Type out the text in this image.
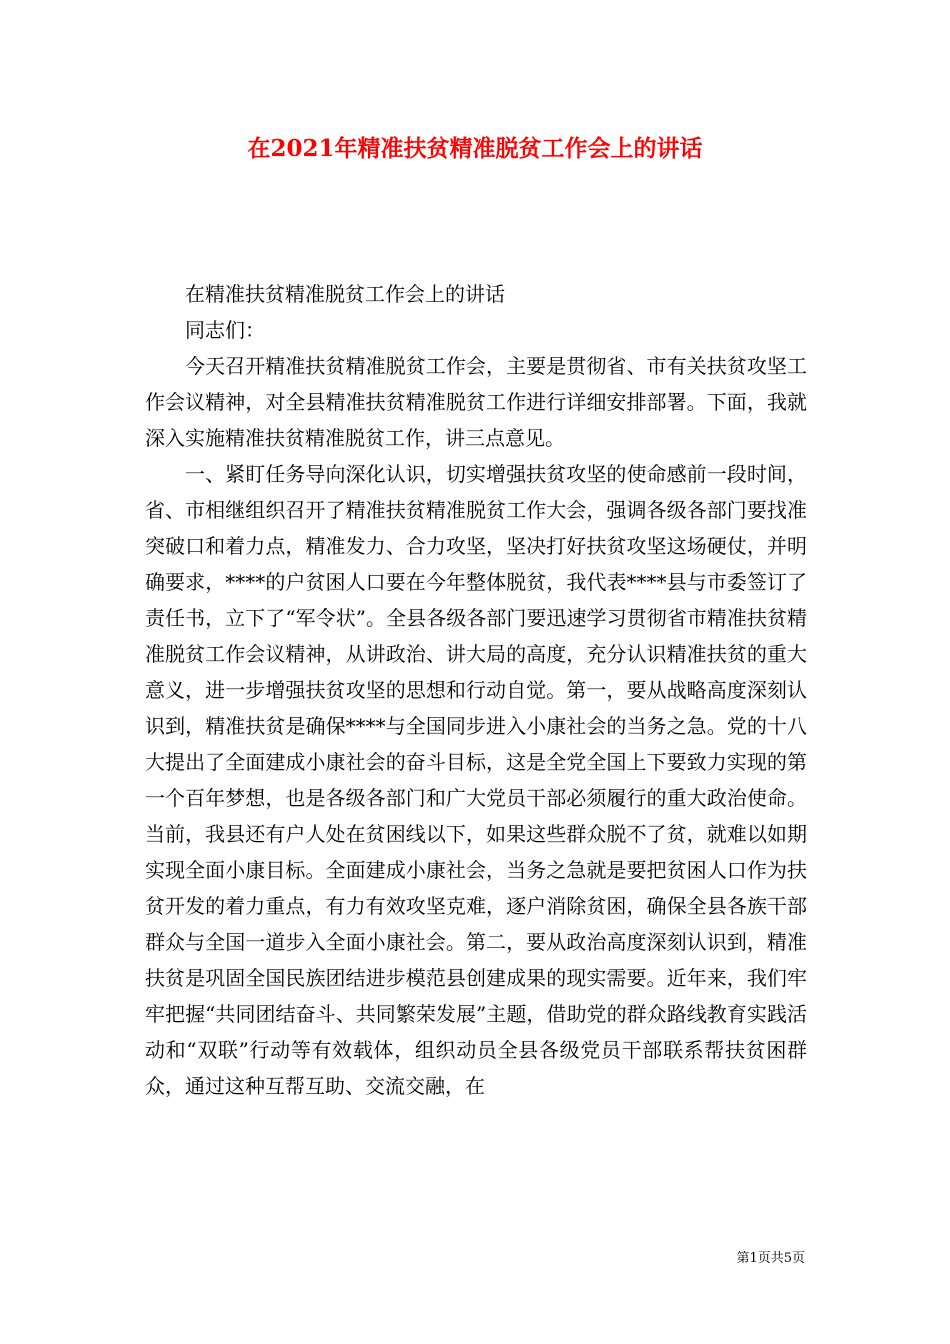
在2021年精准扶贫精准脱贫工作会上的讲话

在精准扶贫精准脱贫工作会上的讲话

同志们：

今天召开精准扶贫精准脱贫工作会，主要是贯彻省、市有关扶贫攻坚工作会议精神，对全县精准扶贫精准脱贫工作进行详细安排部署。下面，我就深入实施精准扶贫精准脱贫工作，讲三点意见。

一、紧盯任务导向深化认识，切实增强扶贫攻坚的使命感前一段时间，省、市相继组织召开了精准扶贫精准脱贫工作大会，强调各级各部门要找准突破口和着力点，精准发力、合力攻坚，坚决打好扶贫攻坚这场硬仗，并明确要求，****的户贫困人口要在今年整体脱贫，我代表****县与市委签订了责任书，立下了“军令状”。全县各级各部门要迅速学习贯彻省市精准扶贫精准脱贫工作会议精神，从讲政治、讲大局的高度，充分认识精准扶贫的重大意义，进一步增强扶贫攻坚的思想和行动自觉。第一，要从战略高度深刻认识到，精准扶贫是确保****与全国同步进入小康社会的当务之急。党的十八大提出了全面建成小康社会的奋斗目标，这是全党全国上下要致力实现的第一个百年梦想，也是各级各部门和广大党员干部必须履行的重大政治使命。当前，我县还有户人处在贫困线以下，如果这些群众脱不了贫，就难以如期实现全面小康目标。全面建成小康社会，当务之急就是要把贫困人口作为扶贫开发的着力重点，有力有效攻坚克难，逐户消除贫困，确保全县各族干部群众与全国一道步入全面小康社会。第二，要从政治高度深刻认识到，精准扶贫是巩固全国民族团结进步模范县创建成果的现实需要。近年来，我们牢牢把握“共同团结奋斗、共同繁荣发展”主题，借助党的群众路线教育实践活动和“双联”行动等有效载体，组织动员全县各级党员干部联系帮扶贫困群众，通过这种互帮互助、交流交融，在

第1页共5页
